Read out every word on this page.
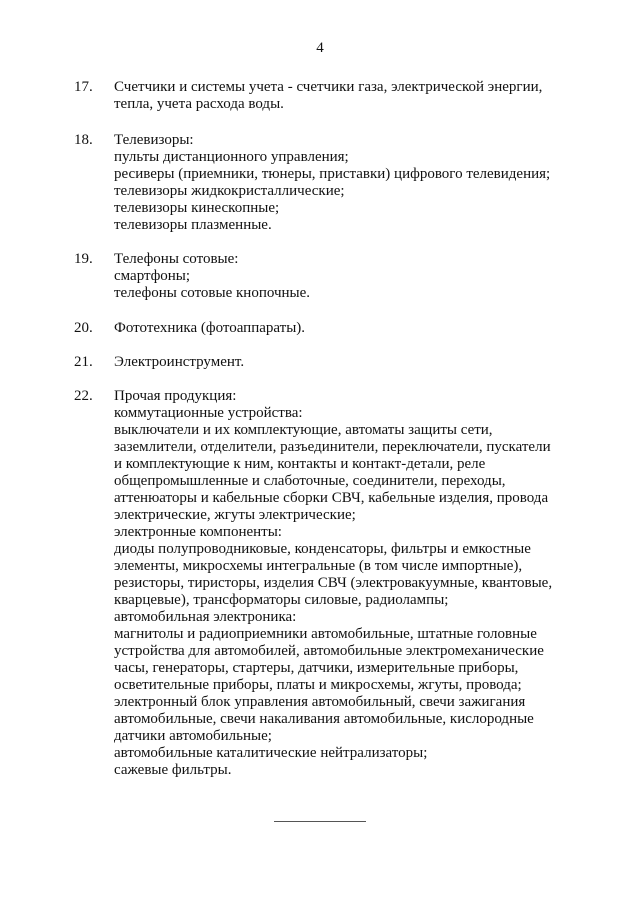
4
17.	Счетчики и системы учета - счетчики газа, электрической энергии,
тепла, учета расхода воды.
18.	Телевизоры:
пульты дистанционного управления;
ресиверы (приемники, тюнеры, приставки) цифрового телевидения;
телевизоры жидкокристаллические;
телевизоры кинескопные;
телевизоры плазменные.
19.	Телефоны сотовые:
смартфоны;
телефоны сотовые кнопочные.
20.	Фототехника (фотоаппараты).
21.	Электроинструмент.
22.	Прочая продукция:
коммутационные устройства:
выключатели и их комплектующие, автоматы защиты сети,
заземлители, отделители, разъединители, переключатели, пускатели
и комплектующие к ним, контакты и контакт-детали, реле
общепромышленные и слаботочные, соединители, переходы,
аттенюаторы и кабельные сборки СВЧ, кабельные изделия, провода
электрические, жгуты электрические;
электронные компоненты:
диоды полупроводниковые, конденсаторы, фильтры и емкостные
элементы, микросхемы интегральные (в том числе импортные),
резисторы, тиристоры, изделия СВЧ (электровакуумные, квантовые,
кварцевые), трансформаторы силовые, радиолампы;
автомобильная электроника:
магнитолы и радиоприемники автомобильные, штатные головные
устройства для автомобилей, автомобильные электромеханические
часы, генераторы, стартеры, датчики, измерительные приборы,
осветительные приборы, платы и микросхемы, жгуты, провода;
электронный блок управления автомобильный, свечи зажигания
автомобильные, свечи накаливания автомобильные, кислородные
датчики автомобильные;
автомобильные каталитические нейтрализаторы;
сажевые фильтры.
